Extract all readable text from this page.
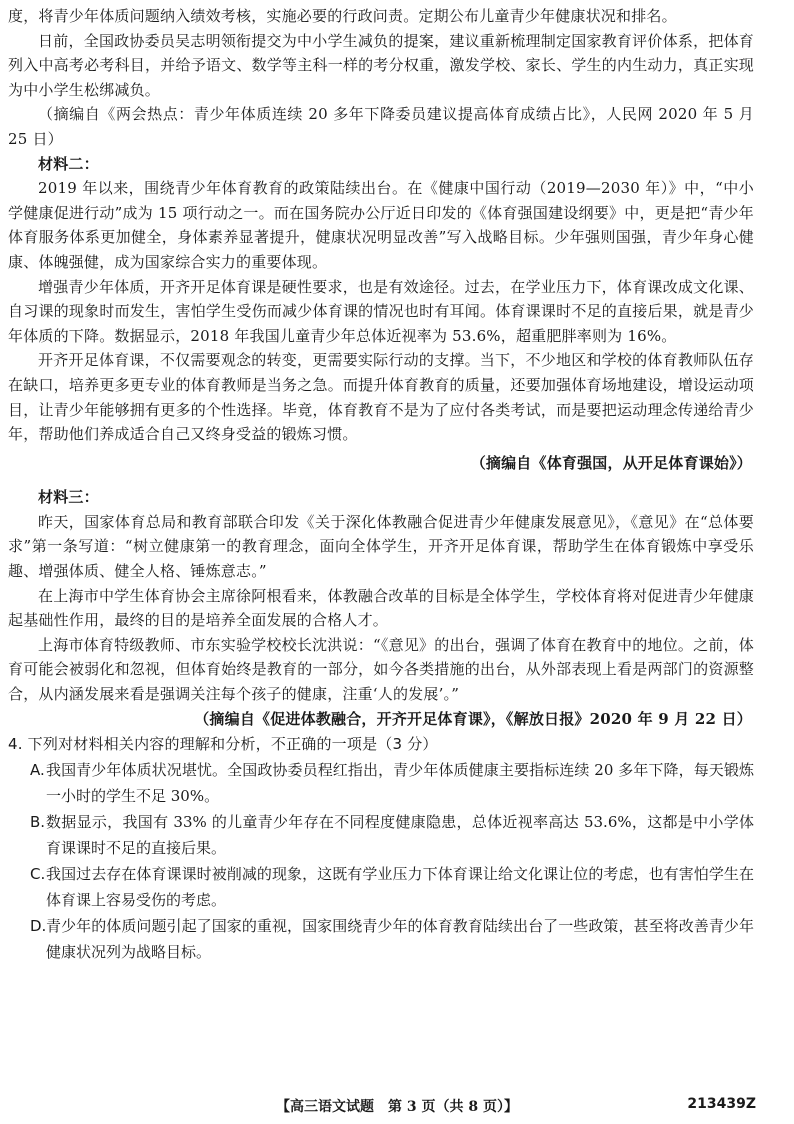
度，将青少年体质问题纳入绩效考核，实施必要的行政问责。定期公布儿童青少年健康状况和排名。

日前，全国政协委员吴志明领衔提交为中小学生减负的提案，建议重新梳理制定国家教育评价体系，把体育列入中高考必考科目，并给予语文、数学等主科一样的考分权重，激发学校、家长、学生的内生动力，真正实现为中小学生松绑减负。

（摘编自《两会热点：青少年体质连续 20 多年下降委员建议提高体育成绩占比》，人民网 2020 年 5 月 25 日）

材料二：

2019 年以来，围绕青少年体育教育的政策陆续出台。在《健康中国行动（2019—2030 年）》中，“中小学健康促进行动”成为 15 项行动之一。而在国务院办公厅近日印发的《体育强国建设纲要》中，更是把“青少年体育服务体系更加健全，身体素养显著提升，健康状况明显改善”写入战略目标。少年强则国强，青少年身心健康、体魄强健，成为国家综合实力的重要体现。

增强青少年体质，开齐开足体育课是硬性要求，也是有效途径。过去，在学业压力下，体育课改成文化课、自习课的现象时而发生，害怕学生受伤而减少体育课的情况也时有耳闻。体育课课时不足的直接后果，就是青少年体质的下降。数据显示，2018 年我国儿童青少年总体近视率为 53.6%，超重肥胖率则为 16%。

开齐开足体育课，不仅需要观念的转变，更需要实际行动的支撑。当下，不少地区和学校的体育教师队伍存在缺口，培养更多更专业的体育教师是当务之急。而提升体育教育的质量，还要加强体育场地建设，增设运动项目，让青少年能够拥有更多的个性选择。毕竟，体育教育不是为了应付各类考试，而是要把运动理念传递给青少年，帮助他们养成适合自己又终身受益的锻炼习惯。

（摘编自《体育强国，从开足体育课始》）

材料三：

昨天，国家体育总局和教育部联合印发《关于深化体教融合促进青少年健康发展意见》，《意见》在“总体要求”第一条写道：“树立健康第一的教育理念，面向全体学生，开齐开足体育课，帮助学生在体育锻炼中享受乐趣、增强体质、健全人格、锤炼意志。”

在上海市中学生体育协会主席徐阿根看来，体教融合改革的目标是全体学生，学校体育将对促进青少年健康起基础性作用，最终的目的是培养全面发展的合格人才。

上海市体育特级教师、市东实验学校校长沈洪说：“《意见》的出台，强调了体育在教育中的地位。之前，体育可能会被弱化和忽视，但体育始终是教育的一部分，如今各类措施的出台，从外部表现上看是两部门的资源整合，从内涵发展来看是强调关注每个孩子的健康，注重‘人的发展’。”

（摘编自《促进体教融合，开齐开足体育课》，《解放日报》2020 年 9 月 22 日）

4. 下列对材料相关内容的理解和分析，不正确的一项是（3 分）

A. 我国青少年体质状况堪忧。全国政协委员程红指出，青少年体质健康主要指标连续 20 多年下降，每天锻炼一小时的学生不足 30%。
B. 数据显示，我国有 33% 的儿童青少年存在不同程度健康隐患，总体近视率高达 53.6%，这都是中小学体育课课时不足的直接后果。
C. 我国过去存在体育课课时被削减的现象，这既有学业压力下体育课让给文化课让位的考虑，也有害怕学生在体育课上容易受伤的考虑。
D. 青少年的体质问题引起了国家的重视，国家围绕青少年的体育教育陆续出台了一些政策，甚至将改善青少年健康状况列为战略目标。
【高三语文试题　第 3 页（共 8 页）】	213439Z
